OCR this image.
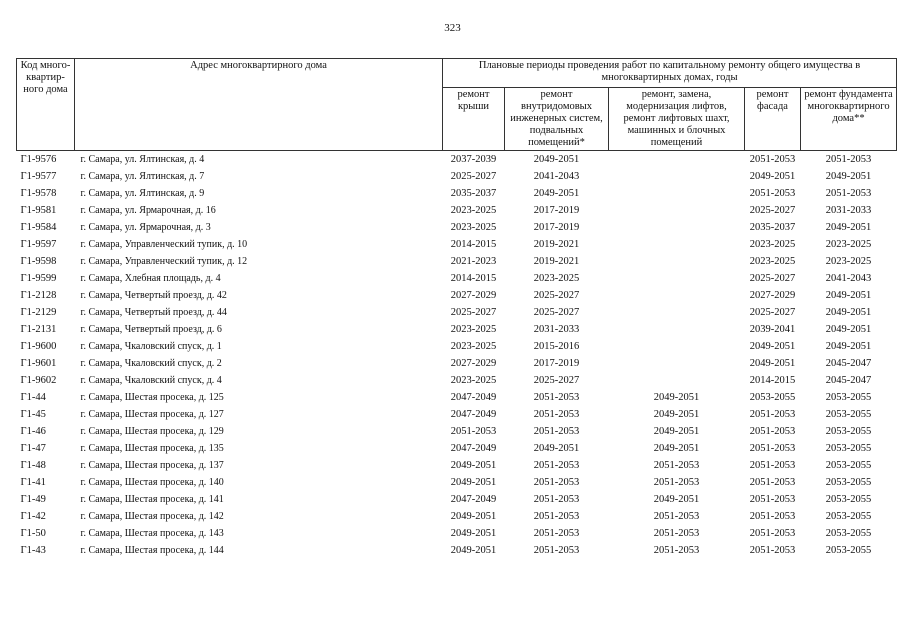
323
Код много-квартир-ного дома	Адрес многоквартирного дома	Плановые периоды проведения работ по капитальному ремонту общего имущества в многоквартирных домах, годы				
		ремонт крыши	ремонт внутридомовых инженерных систем, подвальных помещений*	ремонт, замена, модернизация лифтов, ремонт лифтовых шахт, машинных и блочных помещений	ремонт фасада	ремонт фундамента многоквартирного дома**
Г1-9576	г. Самара, ул. Ялтинская, д. 4	2037-2039	2049-2051		2051-2053	2051-2053
Г1-9577	г. Самара, ул. Ялтинская, д. 7	2025-2027	2041-2043		2049-2051	2049-2051
Г1-9578	г. Самара, ул. Ялтинская, д. 9	2035-2037	2049-2051		2051-2053	2051-2053
Г1-9581	г. Самара, ул. Ярмарочная, д. 16	2023-2025	2017-2019		2025-2027	2031-2033
Г1-9584	г. Самара, ул. Ярмарочная, д. 3	2023-2025	2017-2019		2035-2037	2049-2051
Г1-9597	г. Самара, Управленческий тупик, д. 10	2014-2015	2019-2021		2023-2025	2023-2025
Г1-9598	г. Самара, Управленческий тупик, д. 12	2021-2023	2019-2021		2023-2025	2023-2025
Г1-9599	г. Самара, Хлебная площадь, д. 4	2014-2015	2023-2025		2025-2027	2041-2043
Г1-2128	г. Самара, Четвертый проезд, д. 42	2027-2029	2025-2027		2027-2029	2049-2051
Г1-2129	г. Самара, Четвертый проезд, д. 44	2025-2027	2025-2027		2025-2027	2049-2051
Г1-2131	г. Самара, Четвертый проезд, д. 6	2023-2025	2031-2033		2039-2041	2049-2051
Г1-9600	г. Самара, Чкаловский спуск, д. 1	2023-2025	2015-2016		2049-2051	2049-2051
Г1-9601	г. Самара, Чкаловский спуск, д. 2	2027-2029	2017-2019		2049-2051	2045-2047
Г1-9602	г. Самара, Чкаловский спуск, д. 4	2023-2025	2025-2027		2014-2015	2045-2047
Г1-44	г. Самара, Шестая просека, д. 125	2047-2049	2051-2053	2049-2051	2053-2055	2053-2055
Г1-45	г. Самара, Шестая просека, д. 127	2047-2049	2051-2053	2049-2051	2051-2053	2053-2055
Г1-46	г. Самара, Шестая просека, д. 129	2051-2053	2051-2053	2049-2051	2051-2053	2053-2055
Г1-47	г. Самара, Шестая просека, д. 135	2047-2049	2049-2051	2049-2051	2051-2053	2053-2055
Г1-48	г. Самара, Шестая просека, д. 137	2049-2051	2051-2053	2051-2053	2051-2053	2053-2055
Г1-41	г. Самара, Шестая просека, д. 140	2049-2051	2051-2053	2051-2053	2051-2053	2053-2055
Г1-49	г. Самара, Шестая просека, д. 141	2047-2049	2051-2053	2049-2051	2051-2053	2053-2055
Г1-42	г. Самара, Шестая просека, д. 142	2049-2051	2051-2053	2051-2053	2051-2053	2053-2055
Г1-50	г. Самара, Шестая просека, д. 143	2049-2051	2051-2053	2051-2053	2051-2053	2053-2055
Г1-43	г. Самара, Шестая просека, д. 144	2049-2051	2051-2053	2051-2053	2051-2053	2053-2055
